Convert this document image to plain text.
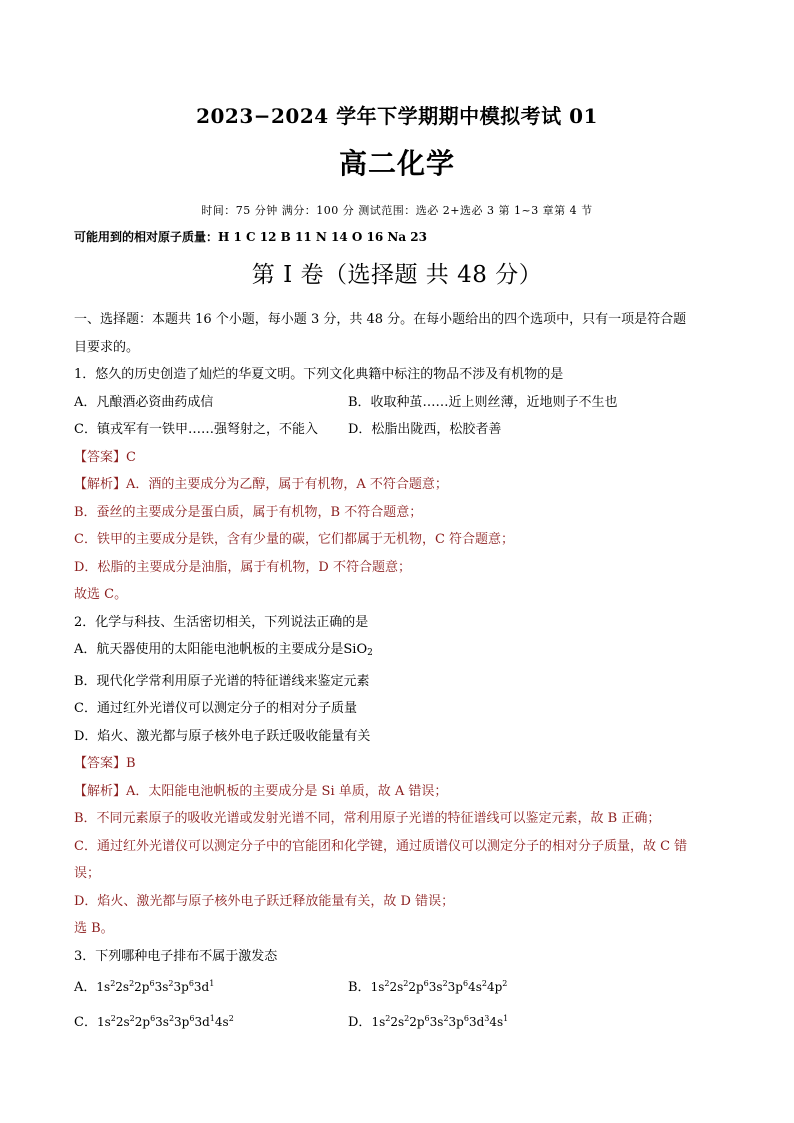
2023−2024 学年下学期期中模拟考试 01
高二化学
时间：75 分钟 满分：100 分 测试范围：选必 2+选必 3 第 1~3 章第 4 节
可能用到的相对原子质量：H 1 C 12 B 11 N 14 O 16 Na 23
第 I 卷（选择题 共 48 分）
一、选择题：本题共 16 个小题，每小题 3 分，共 48 分。在每小题给出的四个选项中，只有一项是符合题
目要求的。
1．悠久的历史创造了灿烂的华夏文明。下列文化典籍中标注的物品不涉及有机物的是
A．凡酿酒必资曲药成信	B．收取种茧……近上则丝薄，近地则子不生也
C．镇戎军有一铁甲……强弩射之，不能入	D．松脂出陇西，松胶者善
【答案】C
【解析】A．酒的主要成分为乙醇，属于有机物，A 不符合题意；
B．蚕丝的主要成分是蛋白质，属于有机物，B 不符合题意；
C．铁甲的主要成分是铁，含有少量的碳，它们都属于无机物，C 符合题意；
D．松脂的主要成分是油脂，属于有机物，D 不符合题意；
故选 C。
2．化学与科技、生活密切相关，下列说法正确的是
A．航天器使用的太阳能电池帆板的主要成分是SiO$_2$
B．现代化学常利用原子光谱的特征谱线来鉴定元素
C．通过红外光谱仪可以测定分子的相对分子质量
D．焰火、激光都与原子核外电子跃迁吸收能量有关
【答案】B
【解析】A．太阳能电池帆板的主要成分是 Si 单质，故 A 错误；
B．不同元素原子的吸收光谱或发射光谱不同，常利用原子光谱的特征谱线可以鉴定元素，故 B 正确；
C．通过红外光谱仪可以测定分子中的官能团和化学键，通过质谱仪可以测定分子的相对分子质量，故 C 错
误；
D．焰火、激光都与原子核外电子跃迁释放能量有关，故 D 错误；
选 B。
3．下列哪种电子排布不属于激发态
A．$1s^22s^22p^63s^23p^63d^1$	B．$1s^22s^22p^63s^23p^64s^24p^2$
C．$1s^22s^22p^63s^23p^63d^14s^2$	D．$1s^22s^22p^63s^23p^63d^34s^1$
